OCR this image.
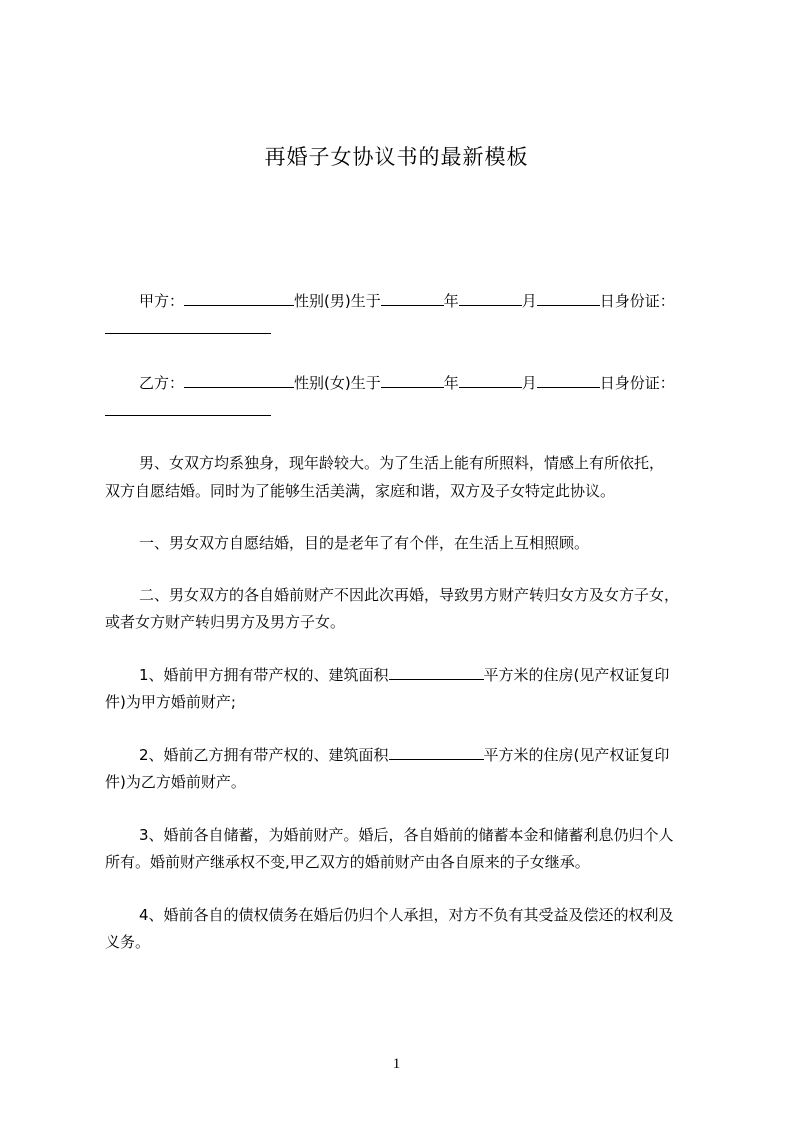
再婚子女协议书的最新模板

甲方：	性别(男)生于	年	月	日身份证：

乙方：	性别(女)生于	年	月	日身份证：

男、女双方均系独身，现年龄较大。为了生活上能有所照料，情感上有所依托，

双方自愿结婚。同时为了能够生活美满，家庭和谐，双方及子女特定此协议。

一、男女双方自愿结婚，目的是老年了有个伴，在生活上互相照顾。

二、男女双方的各自婚前财产不因此次再婚，导致男方财产转归女方及女方子女，

或者女方财产转归男方及男方子女。

1、婚前甲方拥有带产权的、建筑面积	平方米的住房(见产权证复印

件)为甲方婚前财产;

2、婚前乙方拥有带产权的、建筑面积	平方米的住房(见产权证复印

件)为乙方婚前财产。

3、婚前各自储蓄，为婚前财产。婚后，各自婚前的储蓄本金和储蓄利息仍归个人

所有。婚前财产继承权不变,甲乙双方的婚前财产由各自原来的子女继承。

4、婚前各自的债权债务在婚后仍归个人承担，对方不负有其受益及偿还的权利及

义务。

1
